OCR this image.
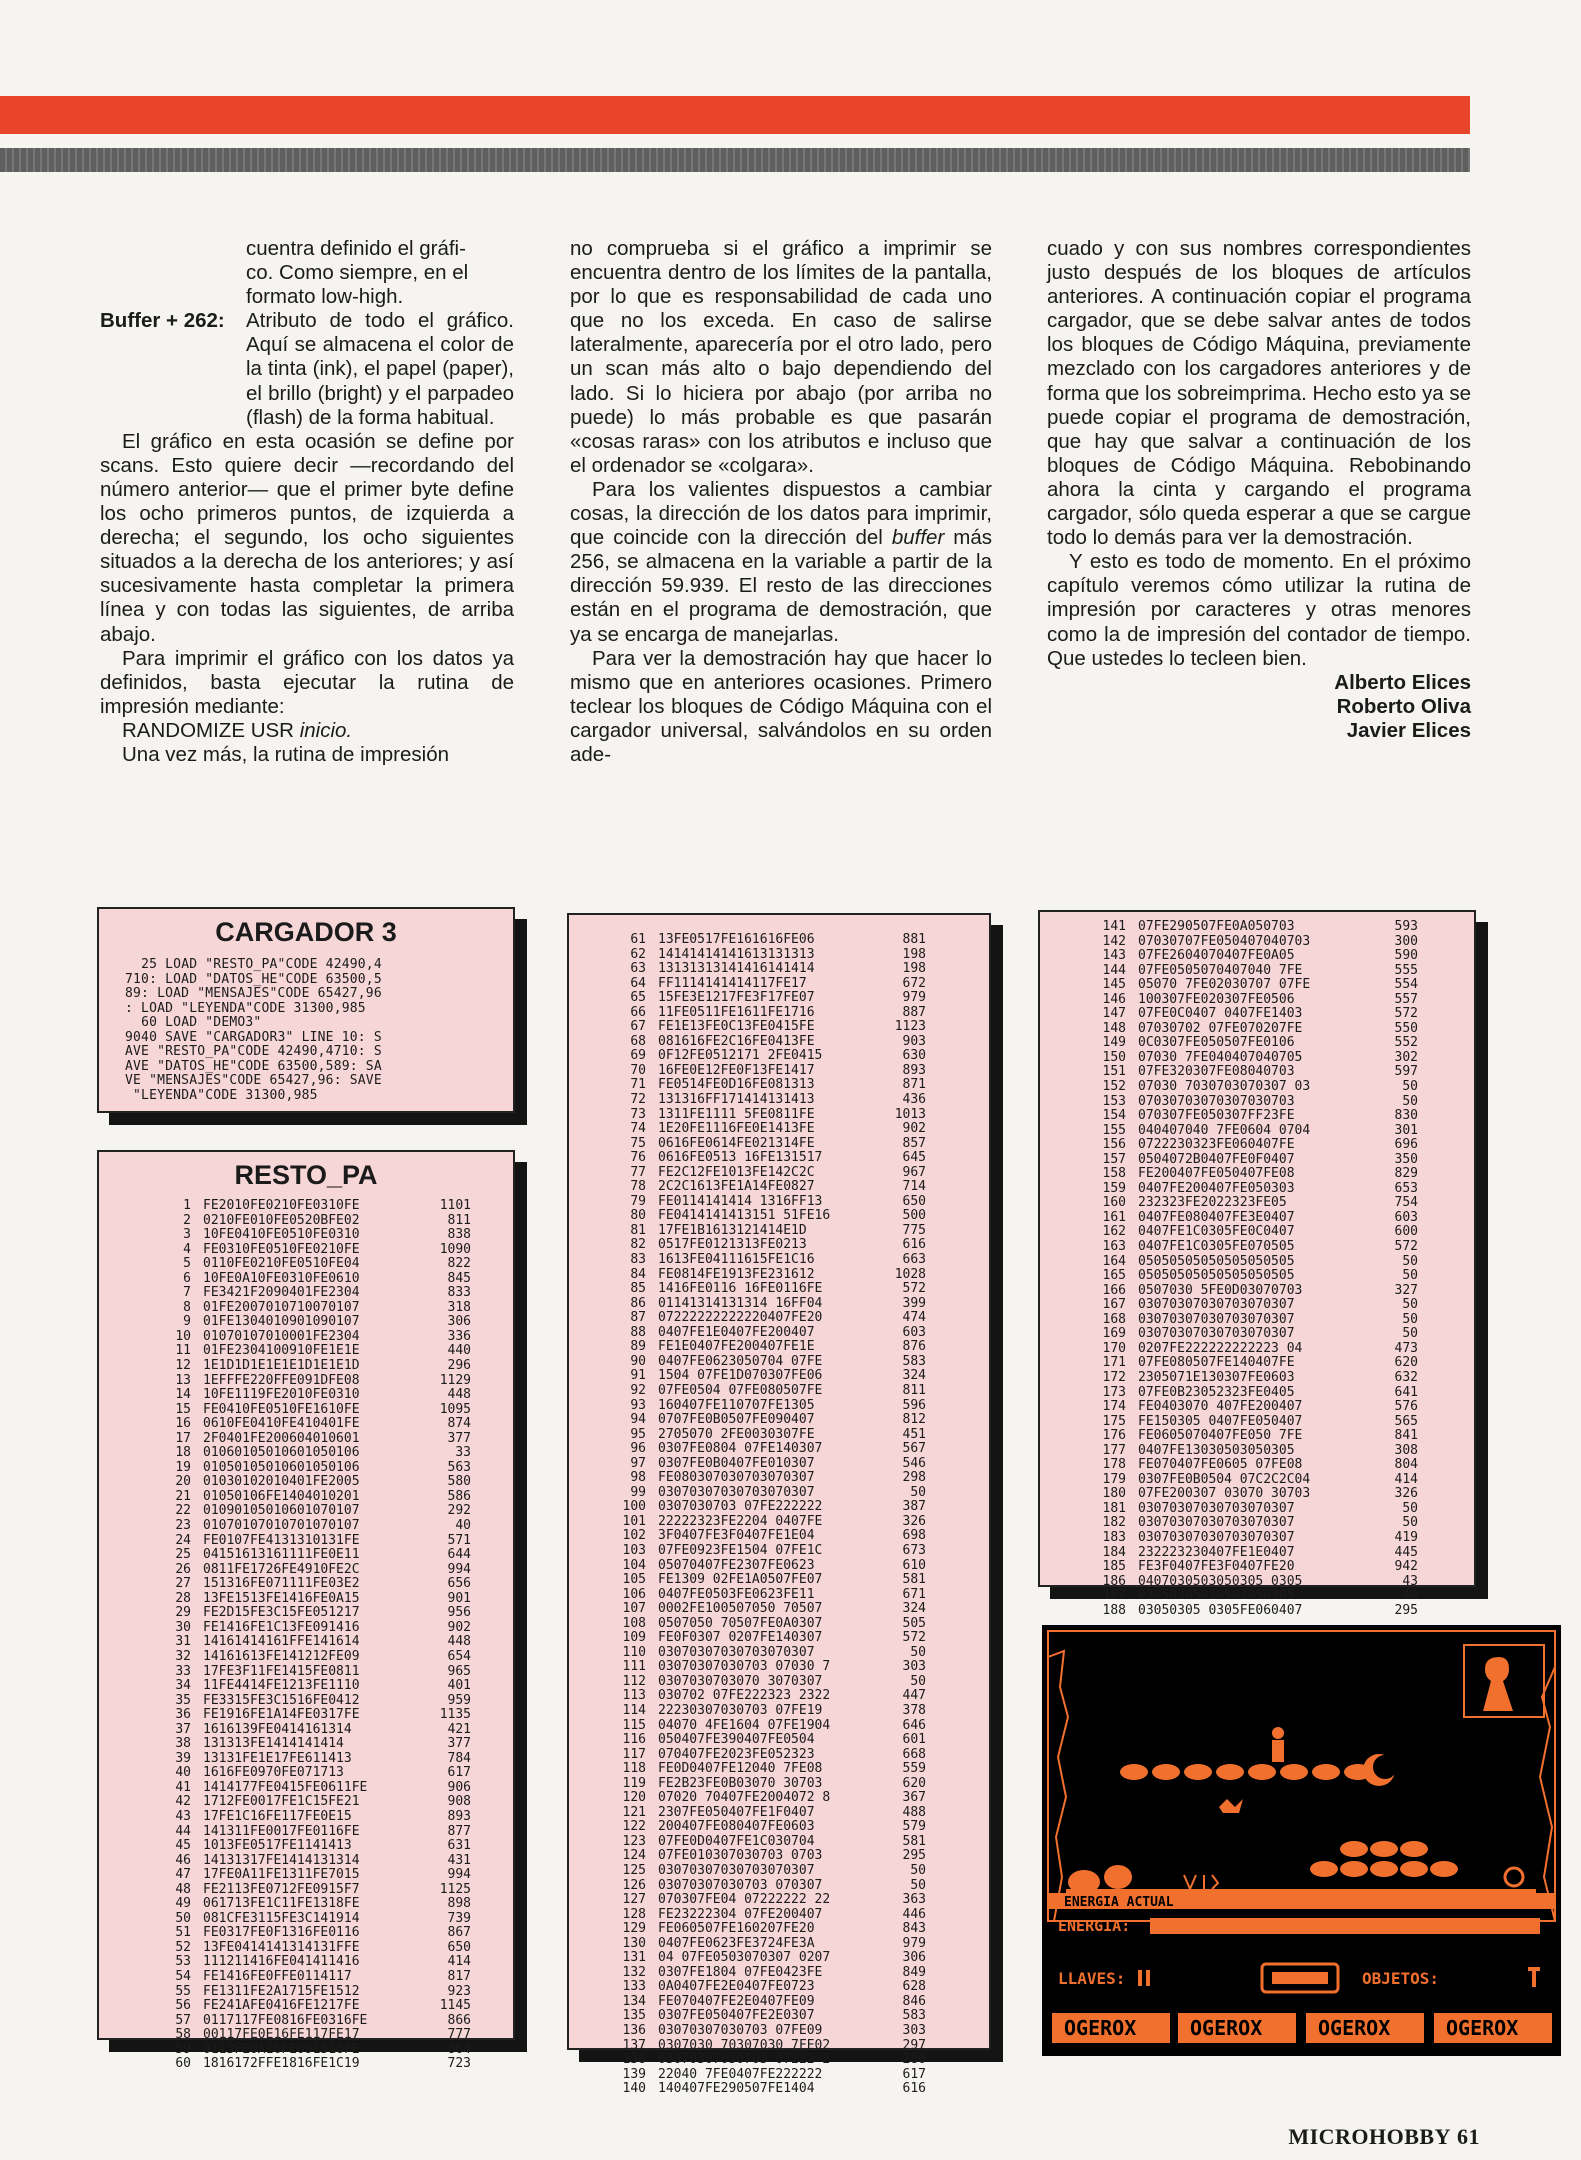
cuentra definido el gráfi-
co. Como siempre, en el
formato low-high.

Buffer + 262:	Atributo de todo el gráfico. Aquí se almacena el color de la tinta (ink), el papel (paper), el brillo (bright) y el parpadeo (flash) de la forma habitual.

El gráfico en esta ocasión se define por scans. Esto quiere decir —recordando del número anterior— que el primer byte define los ocho primeros puntos, de izquierda a derecha; el segundo, los ocho siguientes situados a la derecha de los anteriores; y así sucesivamente hasta completar la primera línea y con todas las siguientes, de arriba abajo.

Para imprimir el gráfico con los datos ya definidos, basta ejecutar la rutina de impresión mediante:

RANDOMIZE USR inicio.

Una vez más, la rutina de impresión

no comprueba si el gráfico a imprimir se encuentra dentro de los límites de la pantalla, por lo que es responsabilidad de cada uno que no los exceda. En caso de salirse lateralmente, aparecería por el otro lado, pero un scan más alto o bajo dependiendo del lado. Si lo hiciera por abajo (por arriba no puede) lo más probable es que pasarán «cosas raras» con los atributos e incluso que el ordenador se «colgara».

Para los valientes dispuestos a cambiar cosas, la dirección de los datos para imprimir, que coincide con la dirección del buffer más 256, se almacena en la variable a partir de la dirección 59.939. El resto de las direcciones están en el programa de demostración, que ya se encarga de manejarlas.

Para ver la demostración hay que hacer lo mismo que en anteriores ocasiones. Primero teclear los bloques de Código Máquina con el cargador universal, salvándolos en su orden ade-

cuado y con sus nombres correspondientes justo después de los bloques de artículos anteriores. A continuación copiar el programa cargador, que se debe salvar antes de todos los bloques de Código Máquina, previamente mezclado con los cargadores anteriores y de forma que los sobreimprima. Hecho esto ya se puede copiar el programa de demostración, que hay que salvar a continuación de los bloques de Código Máquina. Rebobinando ahora la cinta y cargando el programa cargador, sólo queda esperar a que se cargue todo lo demás para ver la demostración.

Y esto es todo de momento. En el próximo capítulo veremos cómo utilizar la rutina de impresión por caracteres y otras menores como la de impresión del contador de tiempo. Que ustedes lo tecleen bien.

Alberto Elices
Roberto Oliva
Javier Elices

CARGADOR 3
25 LOAD "RESTO_PA"CODE 42490,4
710: LOAD "DATOS_HE"CODE 63500,5
89: LOAD "MENSAJES"CODE 65427,96
: LOAD "LEYENDA"CODE 31300,985
60 LOAD "DEMO3"
9040 SAVE "CARGADOR3" LINE 10: S
AVE "RESTO_PA"CODE 42490,4710: S
AVE "DATOS_HE"CODE 63500,589: SA
VE "MENSAJES"CODE 65427,96: SAVE
"LEYENDA"CODE 31300,985
RESTO_PA
1 FE2010FE0210FE0310FE	1101
2 0210FE010FE0520BFE02	811
3 10FE0410FE0510FE0310	838
4 FE0310FE0510FE0210FE	1090
5 0110FE0210FE0510FE04	822
6 10FE0A10FE0310FE0610	845
7 FE3421F2090401FE2304	833
8 01FE2007010710070107	318
9 01FE1304010901090107	306
10 01070107010001FE2304	336
11 01FE2304100910FE1E1E	440
12 1E1D1D1E1E1E1D1E1E1D	296
13 1EFFFE220FFE091DFE08	1129
14 10FE1119FE2010FE0310	448
15 FE0410FE0510FE1610FE	1095
16 0610FE0410FE410401FE	874
17 2F0401FE200604010601	377
18 01060105010601050106	33
19 01050105010601050106	563
20 01030102010401FE2005	580
21 01050106FE1404010201	586
22 01090105010601070107	292
23 01070107010701070107	40
24 FE0107FE4131310131FE	571
25 04151613161111FE0E11	644
26 0811FE1726FE4910FE2C	994
27 151316FE071111FE03E2	656
28 13FE1513FE1416FE0A15	901
29 FE2D15FE3C15FE051217	956
30 FE1416FE1C13FE091416	902
31 14161414161FFE141614	448
32 14161613FE141212FE09	654
33 17FE3F11FE1415FE0811	965
34 11FE4414FE1213FE1110	401
35 FE3315FE3C1516FE0412	959
36 FE1916FE1A14FE0317FE	1135
37 1616139FE0414161314	421
38 131313FE1414141414	377
39 13131FE1E17FE611413	784
40 1616FE0970FE071713	617
41 1414177FE0415FE0611FE	906
42 1712FE0017FE1C15FE21	908
43 17FE1C16FE117FE0E15	893
44 141311FE0017FE0116FE	877
45 1013FE0517FE1141413	631
46 14131317FE1414131314	431
47 17FE0A11FE1311FE7015	994
48 FE2113FE0712FE0915F7	1125
49 061713FE1C11FE1318FE	898
50 081CFE3115FE3C141914	739
51 FE0317FE0F1316FE0116	867
52 13FE0414141314131FFE	650
53 111211416FE041411416	414
54 FE1416FE0FFE0114117	817
55 FE1311FE2A1715FE1512	923
56 FE241AFE0416FE1217FE	1145
57 0117117FE0816FE0316FE	866
58 00117FE0E16FE117FE17	777
59 0113FE0A16FE091316FE	864
60 1816172FFE1816FE1C19	723
61 13FE0517FE161616FE06	881
62 14141414141613131313	198
63 13131313141416141414	198
64 FF1114141414117FE17	672
65 15FE3E1217FE3F17FE07	979
66 11FE0511FE1611FE1716	887
67 FE1E13FE0C13FE0415FE	1123
68 081616FE2C16FE0413FE	903
69 0F12FE0512171 2FE0415	630
70 16FE0E12FE0F13FE1417	893
71 FE0514FE0D16FE081313	871
72 131316FF171414131413	436
73 1311FE1111 5FE0811FE	1013
74 1E20FE1116FE0E1413FE	902
75 0616FE0614FE021314FE	857
76 0616FE0513 16FE131517	645
77 FE2C12FE1013FE142C2C	967
78 2C2C1613FE1A14FE0827	714
79 FE0114141414 1316FF13	650
80 FE0414141413151 51FE16	500
81 17FE1B1613121414E1D	775
82 0517FE0121313FE0213	616
83 1613FE04111615FE1C16	663
84 FE0814FE1913FE231612	1028
85 1416FE0116 16FE0116FE	572
86 01141314131314 16FF04	399
87 07222222222220407FE20	474
88 0407FE1E0407FE200407	603
89 FE1E0407FE200407FE1E	876
90 0407FE0623050704 07FE	583
91 1504 07FE1D070307FE06	324
92 07FE0504 07FE080507FE	811
93 160407FE110707FE1305	596
94 0707FE0B0507FE090407	812
95 2705070 2FE0030307FE	451
96 0307FE0804 07FE140307	567
97 0307FE0B0407FE010307	546
98 FE080307030703070307	298
99 03070307030703070307	50
100 0307030703 07FE222222	387
101 22222323FE2204 0407FE	326
102 3F0407FE3F0407FE1E04	698
103 07FE0923FE1504 07FE1C	673
104 05070407FE2307FE0623	610
105 FE1309 02FE1A0507FE07	581
106 0407FE0503FE0623FE11	671
107 0002FE100507050 70507	324
108 0507050 70507FE0A0307	505
109 FE0F0307 0207FE140307	572
110 03070307030703070307	50
111 03070307030703 07030 7	303
112 0307030703070 3070307	50
113 030702 07FE222323 2322	447
114 22230307030703 07FE19	378
115 04070 4FE1604 07FE1904	646
116 050407FE390407FE0504	601
117 070407FE2023FE052323	668
118 FE0D0407FE12040 7FE08	559
119 FE2B23FE0B03070 30703	620
120 07020 70407FE2004072 8	367
121 2307FE050407FE1F0407	488
122 200407FE080407FE0603	579
123 07FE0D0407FE1C030704	581
124 07FE010307030703 0703	295
125 03070307030703070307	50
126 03070307030703 070307	50
127 070307FE04 07222222 22	363
128 FE23222304 07FE200407	446
129 FE060507FE160207FE20	843
130 0407FE0623FE3724FE3A	979
131 04 07FE0503070307 0207	306
132 0307FE1804 07FE0423FE	849
133 0A0407FE2E0407FE0723	628
134 FE070407FE2E0407FE09	846
135 0307FE050407FE2E0307	583
136 03070307030703 07FE09	303
137 0307030 70307030 7FE02	297
138 03070307030703 07222 2	280
139 22040 7FE0407FE222222	617
140 140407FE290507FE1404	616
141 07FE290507FE0A050703	593
142 07030707FE050407040703	300
143 07FE2604070407FE0A05	590
144 07FE0505070407040 7FE	555
145 05070 7FE02030707 07FE	554
146 100307FE020307FE0506	557
147 07FE0C0407 0407FE1403	572
148 07030702 07FE070207FE	550
149 0C0307FE050507FE0106	552
150 07030 7FE040407040705	302
151 07FE320307FE08040703	597
152 07030 7030703070307 03	50
153 07030703070307030703	50
154 070307FE050307FF23FE	830
155 040407040 7FE0604 0704	301
156 0722230323FE060407FE	696
157 0504072B0407FE0F0407	350
158 FE200407FE050407FE08	829
159 0407FE200407FE050303	653
160 232323FE2022323FE05	754
161 0407FE080407FE3E0407	603
162 0407FE1C0305FE0C0407	600
163 0407FE1C0305FE070505	572
164 05050505050505050505	50
165 05050505050505050505	50
166 0507030 5FE0D03070703	327
167 03070307030703070307	50
168 03070307030703070307	50
169 03070307030703070307	50
170 0207FE222222222223 04	473
171 07FE080507FE140407FE	620
172 2305071E130307FE0603	632
173 07FE0B23052323FE0405	641
174 FE0403070 407FE200407	576
175 FE150305 0407FE050407	565
176 FE0605070407FE050 7FE	841
177 0407FE13030503050305	308
178 FE070407FE0605 07FE08	804
179 0307FE0B0504 07C2C2C04	414
180 07FE200307 03070 30703	326
181 03070307030703070307	50
182 03070307030703070307	50
183 03070307030703070307	419
184 232223230407FE1E0407	445
185 FE3F0407FE3F0407FE20	942
186 0407030503050305 0305	43
187 03050305030503050305	40
188 03050305 0305FE060407	295
ENERGIA ACTUAL
ENERGIA:
LLAVES:	OBJETOS:
OGEROX	OGEROX	OGEROX	OGEROX
MICROHOBBY 61
